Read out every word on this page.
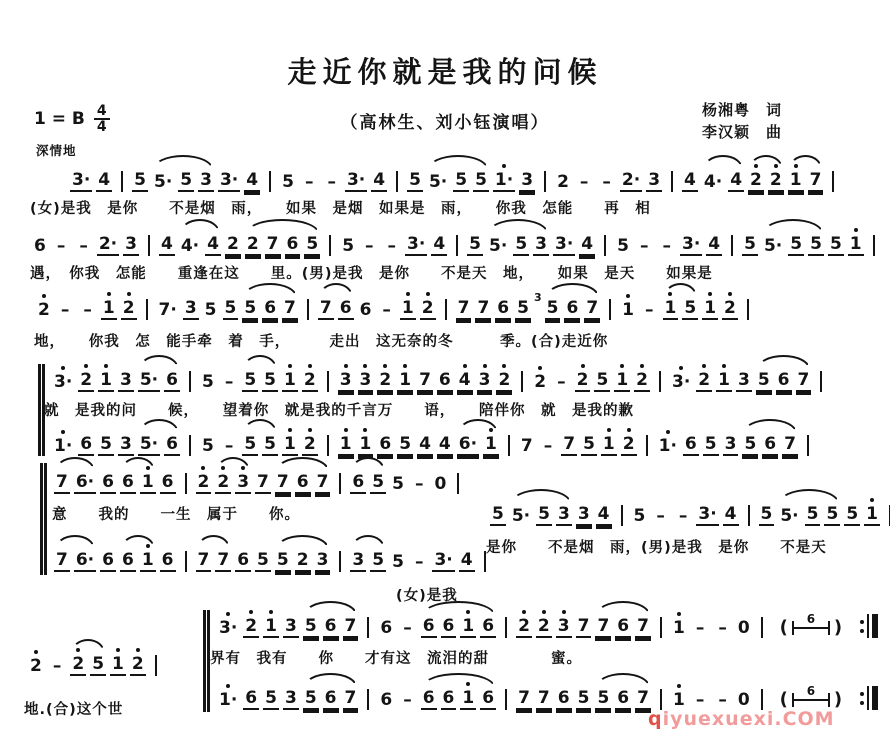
走近你就是我的问候
（高林生、刘小钰演唱）
1 = B $\frac{4}{4}$
深情地
杨湘粤　词
李汉颖　曲
3· 4 5 5· 5 3 3· 4 5 – – 3· 4 5 5· 5 5 1· 3 2 – – 2· 3 4 4· 4 2 2 1 7
(女)是我　是你　　不是烟　雨，　　如果　是烟　如果是　雨，　　你我　怎能　　再　相
6 – – 2· 3 4 4· 4 2 2 7 6 5 5 – – 3· 4 5 5· 5 3 3· 4 5 – – 3· 4 5 5· 5 5 5 1
遇，　你我　怎能　　重逢在这　　里。(男)是我　是你　　不是天　地，　　如果　是天　　如果是
2 – – 1 2 7· 3 5 5 5 6 7 7 6 6 – 1 2 7 7 6 5
3
5 6 7 1 – 1 5 1 2
地，　　你我　怎　能手牵　着　手，　　　走出　这无奈的冬　　　季。(合)走近你
3· 2 1 3 5· 6 5 – 5 5 1 2 3 3 2 1 7 6 4 3 2 2 – 2 5 1 2 3· 2 1 3 5 6 7
就　是我的问　　候，　　望着你　就是我的千言万　　语，　　陪伴你　就　是我的歉
1· 6 5 3 5· 6 5 – 5 5 1 2 1 1 6 5 4 4 6· 1 7 – 7 5 1 2 1· 6 5 3 5 6 7
7 6· 6 6 1 6 2 2 3 7 7 6 7 6 5 5 – 0
意　　我的　　一生　属于　　你。	5 5· 5 3 3 4 5 – – 3· 4 5 5· 5 5 5 1
是你　　不是烟　雨，(男)是我　是你　　不是天
7 6· 6 6 1 6 7 7 6 5 5 2 3 3 5 5 – 3· 4
(女)是我
2 – 2 5 1 2
地.(合)这个世
3· 2 1 3 5 6 7 6 – 6 6 1 6 2 2 3 7 7 6 7 1 – – 0 ( 6 )
界有　我有　　你　　才有这　流泪的甜　　　　蜜。
1· 6 5 3 5 6 7 6 – 6 6 1 6 7 7 6 5 5 6 7 1 – – 0 ( 6 )
qiyuexuexi.COM
